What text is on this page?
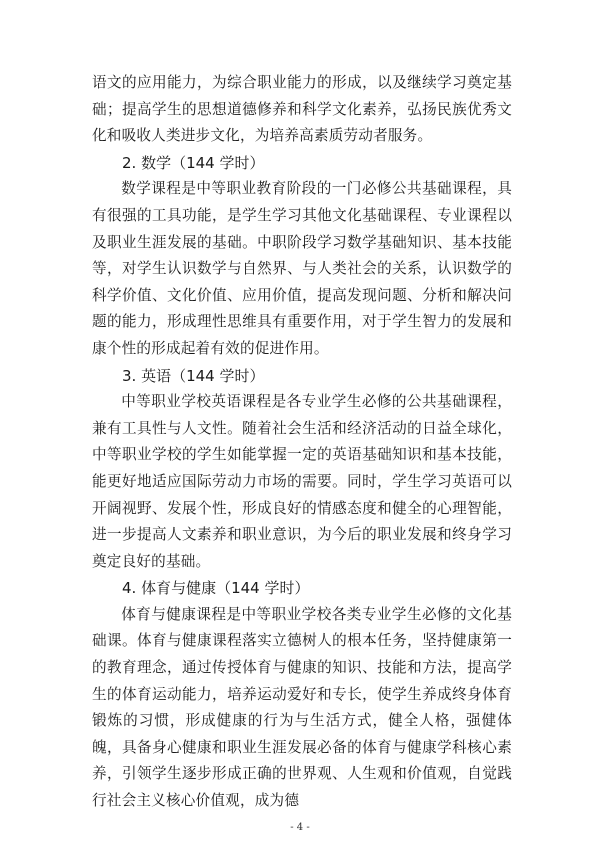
语文的应用能力，为综合职业能力的形成，以及继续学习奠定基础；提高学生的思想道德修养和科学文化素养，弘扬民族优秀文化和吸收人类进步文化，为培养高素质劳动者服务。

2. 数学（144 学时）

数学课程是中等职业教育阶段的一门必修公共基础课程，具有很强的工具功能，是学生学习其他文化基础课程、专业课程以及职业生涯发展的基础。中职阶段学习数学基础知识、基本技能等，对学生认识数学与自然界、与人类社会的关系，认识数学的科学价值、文化价值、应用价值，提高发现问题、分析和解决问题的能力，形成理性思维具有重要作用，对于学生智力的发展和康个性的形成起着有效的促进作用。

3. 英语（144 学时）

中等职业学校英语课程是各专业学生必修的公共基础课程，兼有工具性与人文性。随着社会生活和经济活动的日益全球化，中等职业学校的学生如能掌握一定的英语基础知识和基本技能，能更好地适应国际劳动力市场的需要。同时，学生学习英语可以开阔视野、发展个性，形成良好的情感态度和健全的心理智能，进一步提高人文素养和职业意识，为今后的职业发展和终身学习奠定良好的基础。

4. 体育与健康（144 学时）

体育与健康课程是中等职业学校各类专业学生必修的文化基础课。体育与健康课程落实立德树人的根本任务，坚持健康第一的教育理念，通过传授体育与健康的知识、技能和方法，提高学生的体育运动能力，培养运动爱好和专长，使学生养成终身体育锻炼的习惯，形成健康的行为与生活方式，健全人格，强健体魄，具备身心健康和职业生涯发展必备的体育与健康学科核心素养，引领学生逐步形成正确的世界观、人生观和价值观，自觉践行社会主义核心价值观，成为德

- 4 -
